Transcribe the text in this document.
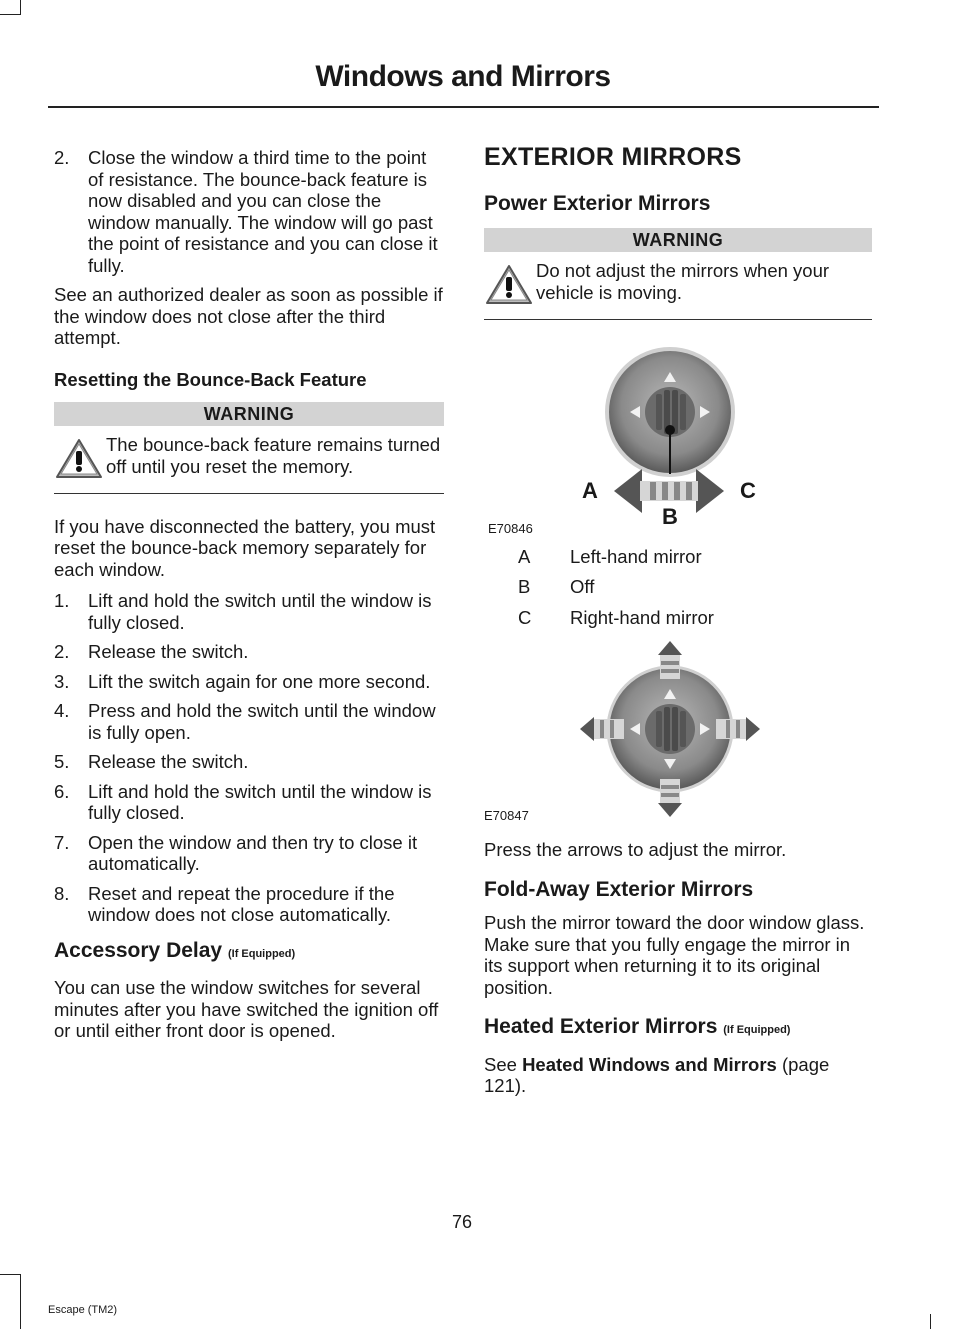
Windows and Mirrors
2.	Close the window a third time to the point of resistance. The bounce-back feature is now disabled and you can close the window manually. The window will go past the point of resistance and you can close it fully.

See an authorized dealer as soon as possible if the window does not close after the third attempt.

Resetting the Bounce-Back Feature
WARNING
The bounce-back feature remains turned off until you reset the memory.

If you have disconnected the battery, you must reset the bounce-back memory separately for each window.

1.	Lift and hold the switch until the window is fully closed.
2.	Release the switch.
3.	Lift the switch again for one more second.
4.	Press and hold the switch until the window is fully open.
5.	Release the switch.
6.	Lift and hold the switch until the window is fully closed.
7.	Open the window and then try to close it automatically.
8.	Reset and repeat the procedure if the window does not close automatically.
Accessory Delay (If Equipped)

You can use the window switches for several minutes after you have switched the ignition off or until either front door is opened.

EXTERIOR MIRRORS
Power Exterior Mirrors
WARNING
Do not adjust the mirrors when your vehicle is moving.
A	C
B
E70846
A	Left-hand mirror
B	Off
C	Right-hand mirror
E70847

Press the arrows to adjust the mirror.

Fold-Away Exterior Mirrors

Push the mirror toward the door window glass. Make sure that you fully engage the mirror in its support when returning it to its original position.

Heated Exterior Mirrors (If Equipped)

See Heated Windows and Mirrors (page 121).

76
Escape (TM2)
